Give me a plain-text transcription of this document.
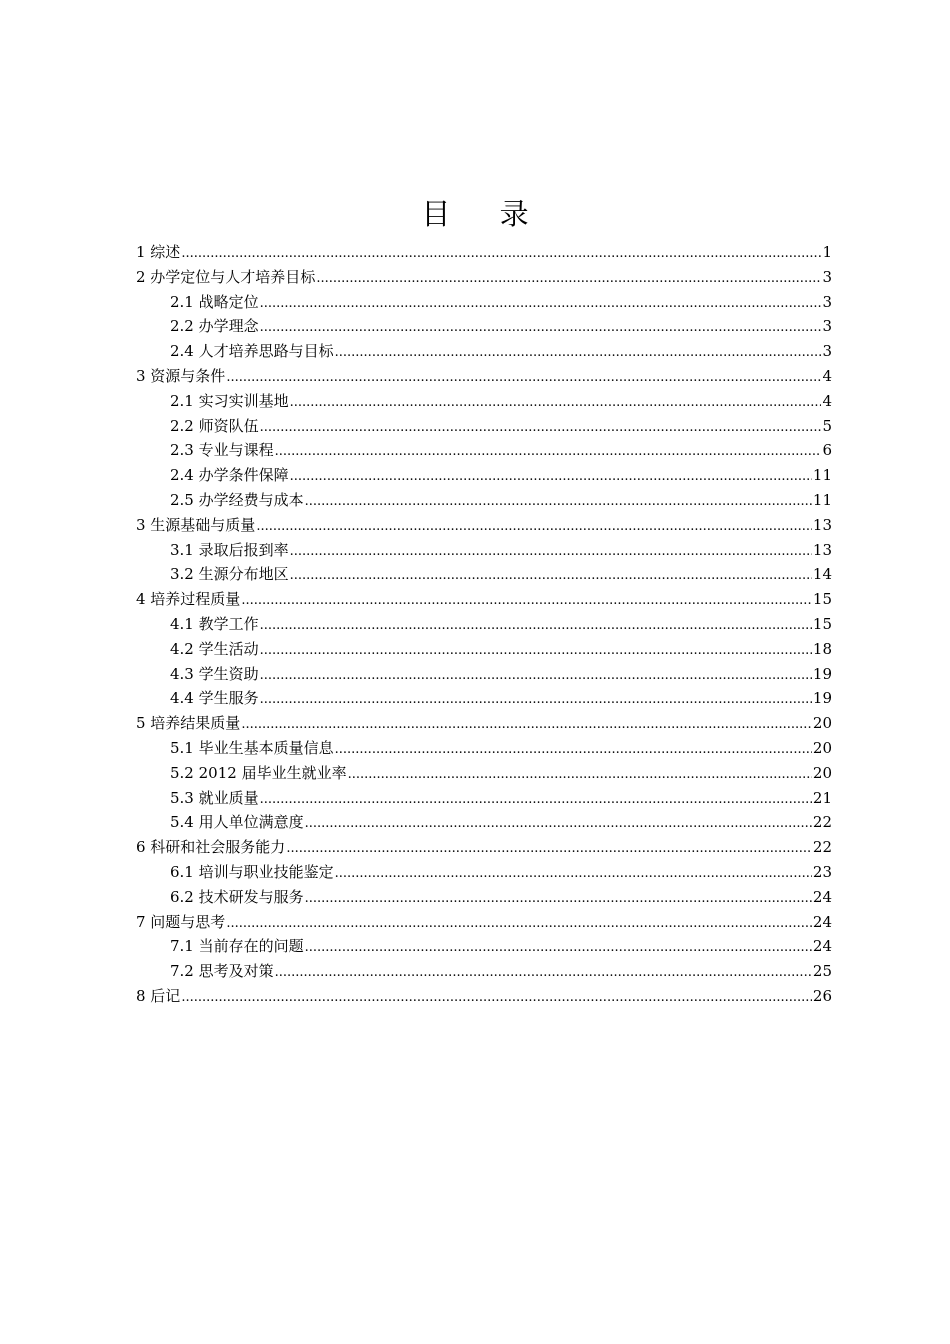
目 录
1 综述 .....	1
2 办学定位与人才培养目标 .....	3
2.1 战略定位 .....	3
2.2 办学理念 .....	3
2.4 人才培养思路与目标 .....	3
3 资源与条件 .....	4
2.1 实习实训基地 .....	4
2.2 师资队伍 .....	5
2.3 专业与课程 .....	6
2.4 办学条件保障 .....	11
2.5 办学经费与成本 .....	11
3 生源基础与质量 .....	13
3.1 录取后报到率 .....	13
3.2 生源分布地区 .....	14
4 培养过程质量 .....	15
4.1 教学工作 .....	15
4.2 学生活动 .....	18
4.3 学生资助 .....	19
4.4 学生服务 .....	19
5 培养结果质量 .....	20
5.1 毕业生基本质量信息 .....	20
5.2 2012 届毕业生就业率 .....	20
5.3 就业质量 .....	21
5.4 用人单位满意度 .....	22
6 科研和社会服务能力 .....	22
6.1 培训与职业技能鉴定 .....	23
6.2 技术研发与服务 .....	24
7 问题与思考 .....	24
7.1 当前存在的问题 .....	24
7.2 思考及对策 .....	25
8 后记 .....	26
